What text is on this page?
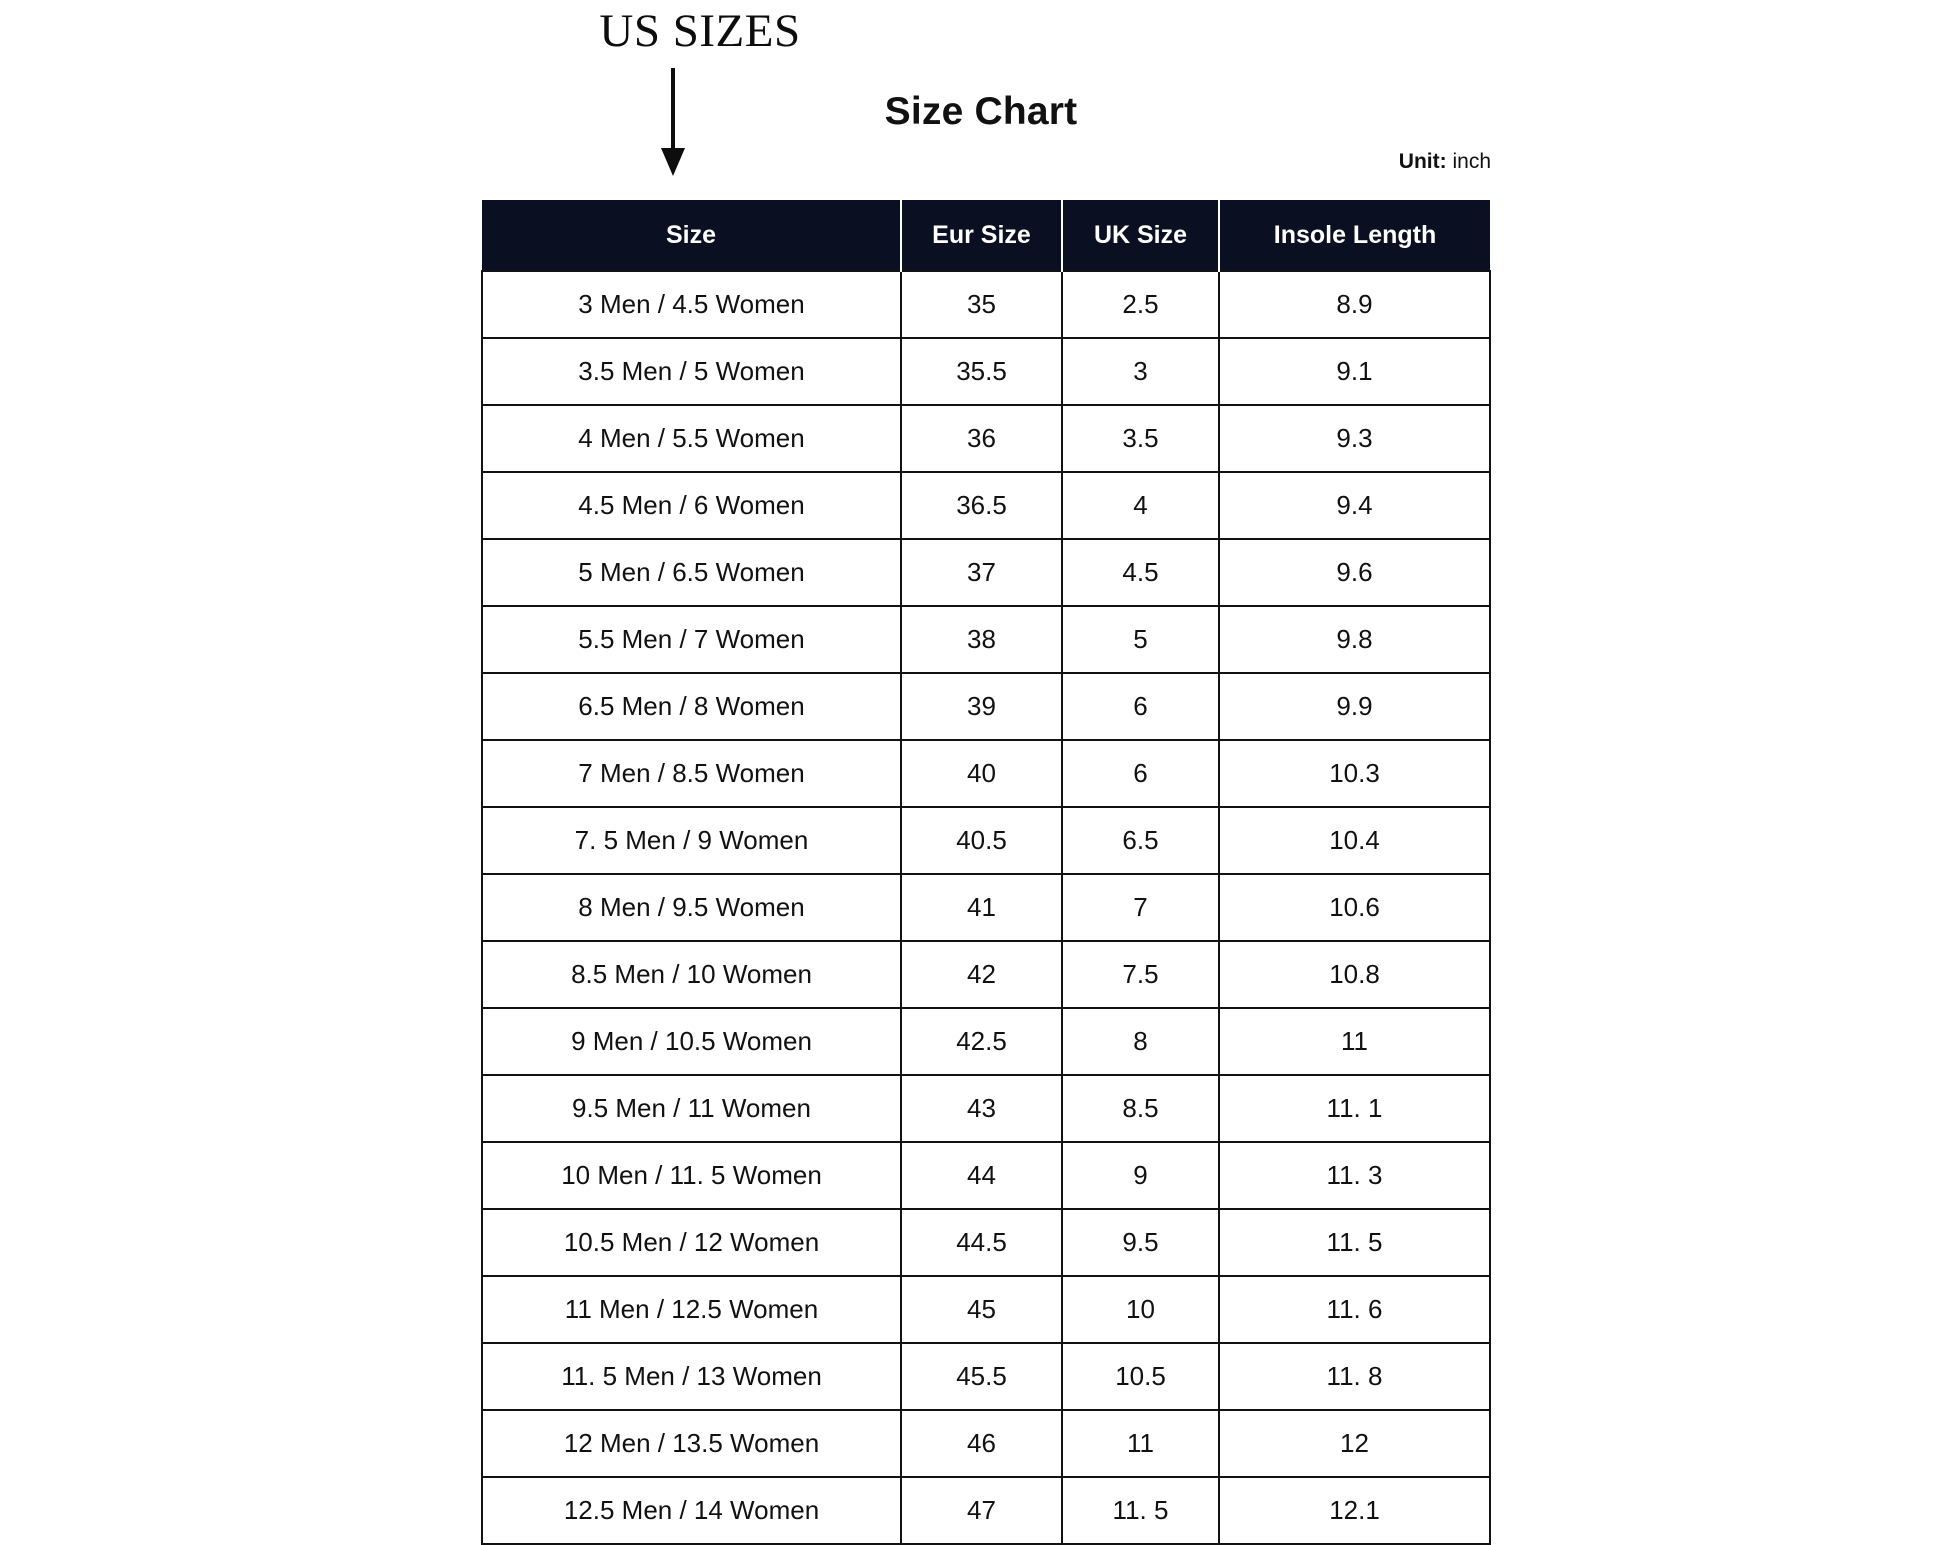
US SIZES
Size Chart
Unit: inch
Size	Eur Size	UK Size	Insole Length
3 Men / 4.5 Women	35	2.5	8.9
3.5 Men / 5 Women	35.5	3	9.1
4 Men / 5.5 Women	36	3.5	9.3
4.5 Men / 6 Women	36.5	4	9.4
5 Men / 6.5 Women	37	4.5	9.6
5.5 Men / 7 Women	38	5	9.8
6.5 Men / 8 Women	39	6	9.9
7 Men / 8.5 Women	40	6	10.3
7. 5 Men / 9 Women	40.5	6.5	10.4
8 Men / 9.5 Women	41	7	10.6
8.5 Men / 10 Women	42	7.5	10.8
9 Men / 10.5 Women	42.5	8	11
9.5 Men / 11 Women	43	8.5	11. 1
10 Men / 11. 5 Women	44	9	11. 3
10.5 Men / 12 Women	44.5	9.5	11. 5
11 Men / 12.5 Women	45	10	11. 6
11. 5 Men / 13 Women	45.5	10.5	11. 8
12 Men / 13.5 Women	46	11	12
12.5 Men / 14 Women	47	11. 5	12.1
